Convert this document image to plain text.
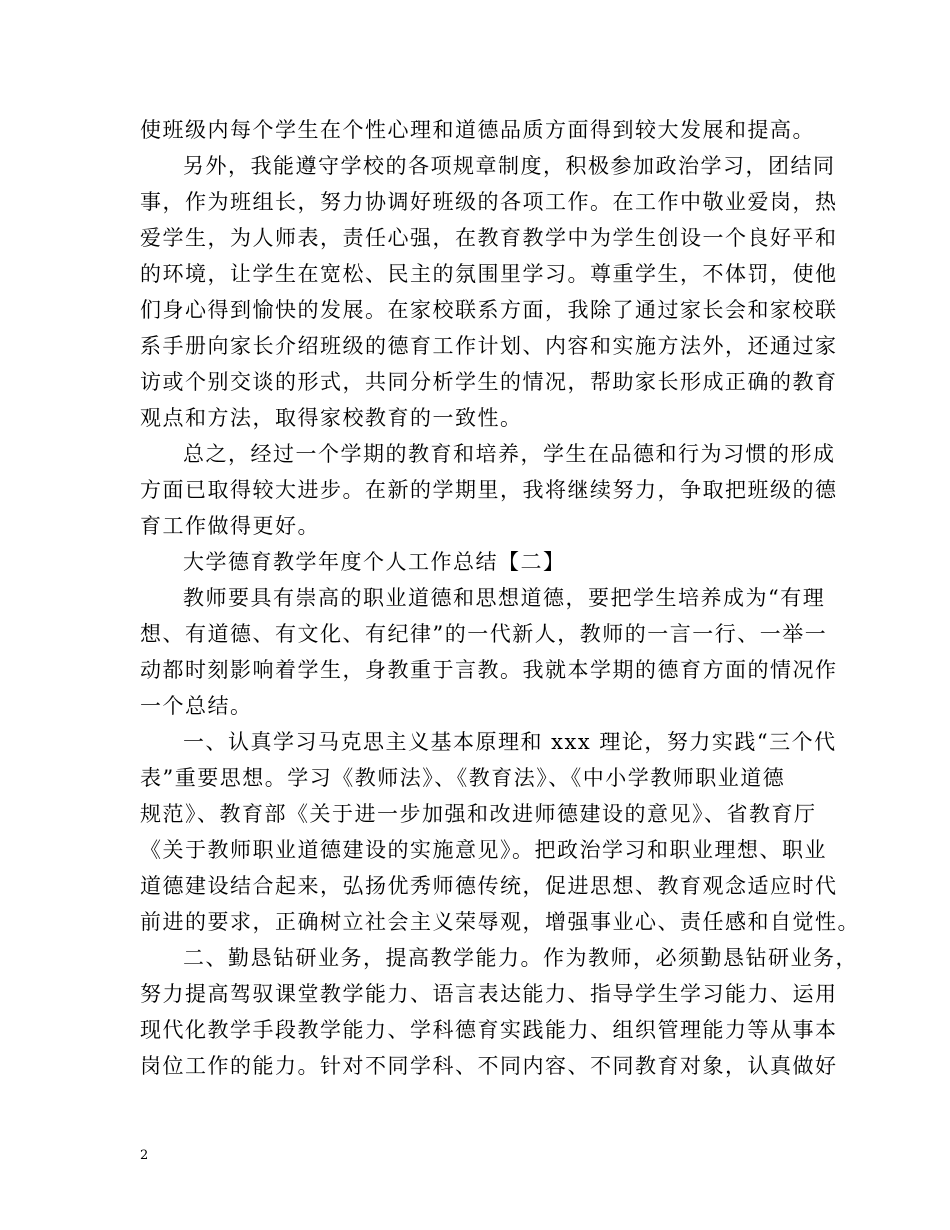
使班级内每个学生在个性心理和道德品质方面得到较大发展和提高。
另外，我能遵守学校的各项规章制度，积极参加政治学习，团结同
事，作为班组长，努力协调好班级的各项工作。在工作中敬业爱岗，热
爱学生，为人师表，责任心强，在教育教学中为学生创设一个良好平和
的环境，让学生在宽松、民主的氛围里学习。尊重学生，不体罚，使他
们身心得到愉快的发展。在家校联系方面，我除了通过家长会和家校联
系手册向家长介绍班级的德育工作计划、内容和实施方法外，还通过家
访或个别交谈的形式，共同分析学生的情况，帮助家长形成正确的教育
观点和方法，取得家校教育的一致性。
总之，经过一个学期的教育和培养，学生在品德和行为习惯的形成
方面已取得较大进步。在新的学期里，我将继续努力，争取把班级的德
育工作做得更好。
大学德育教学年度个人工作总结【二】
教师要具有崇高的职业道德和思想道德，要把学生培养成为“有理
想、有道德、有文化、有纪律”的一代新人，教师的一言一行、一举一
动都时刻影响着学生，身教重于言教。我就本学期的德育方面的情况作
一个总结。
一、认真学习马克思主义基本原理和 xxx 理论，努力实践“三个代
表”重要思想。学习《教师法》、《教育法》、《中小学教师职业道德
规范》、教育部《关于进一步加强和改进师德建设的意见》、省教育厅
《关于教师职业道德建设的实施意见》。把政治学习和职业理想、职业
道德建设结合起来，弘扬优秀师德传统，促进思想、教育观念适应时代
前进的要求，正确树立社会主义荣辱观，增强事业心、责任感和自觉性。
二、勤恳钻研业务，提高教学能力。作为教师，必须勤恳钻研业务，
努力提高驾驭课堂教学能力、语言表达能力、指导学生学习能力、运用
现代化教学手段教学能力、学科德育实践能力、组织管理能力等从事本
岗位工作的能力。针对不同学科、不同内容、不同教育对象，认真做好
2
